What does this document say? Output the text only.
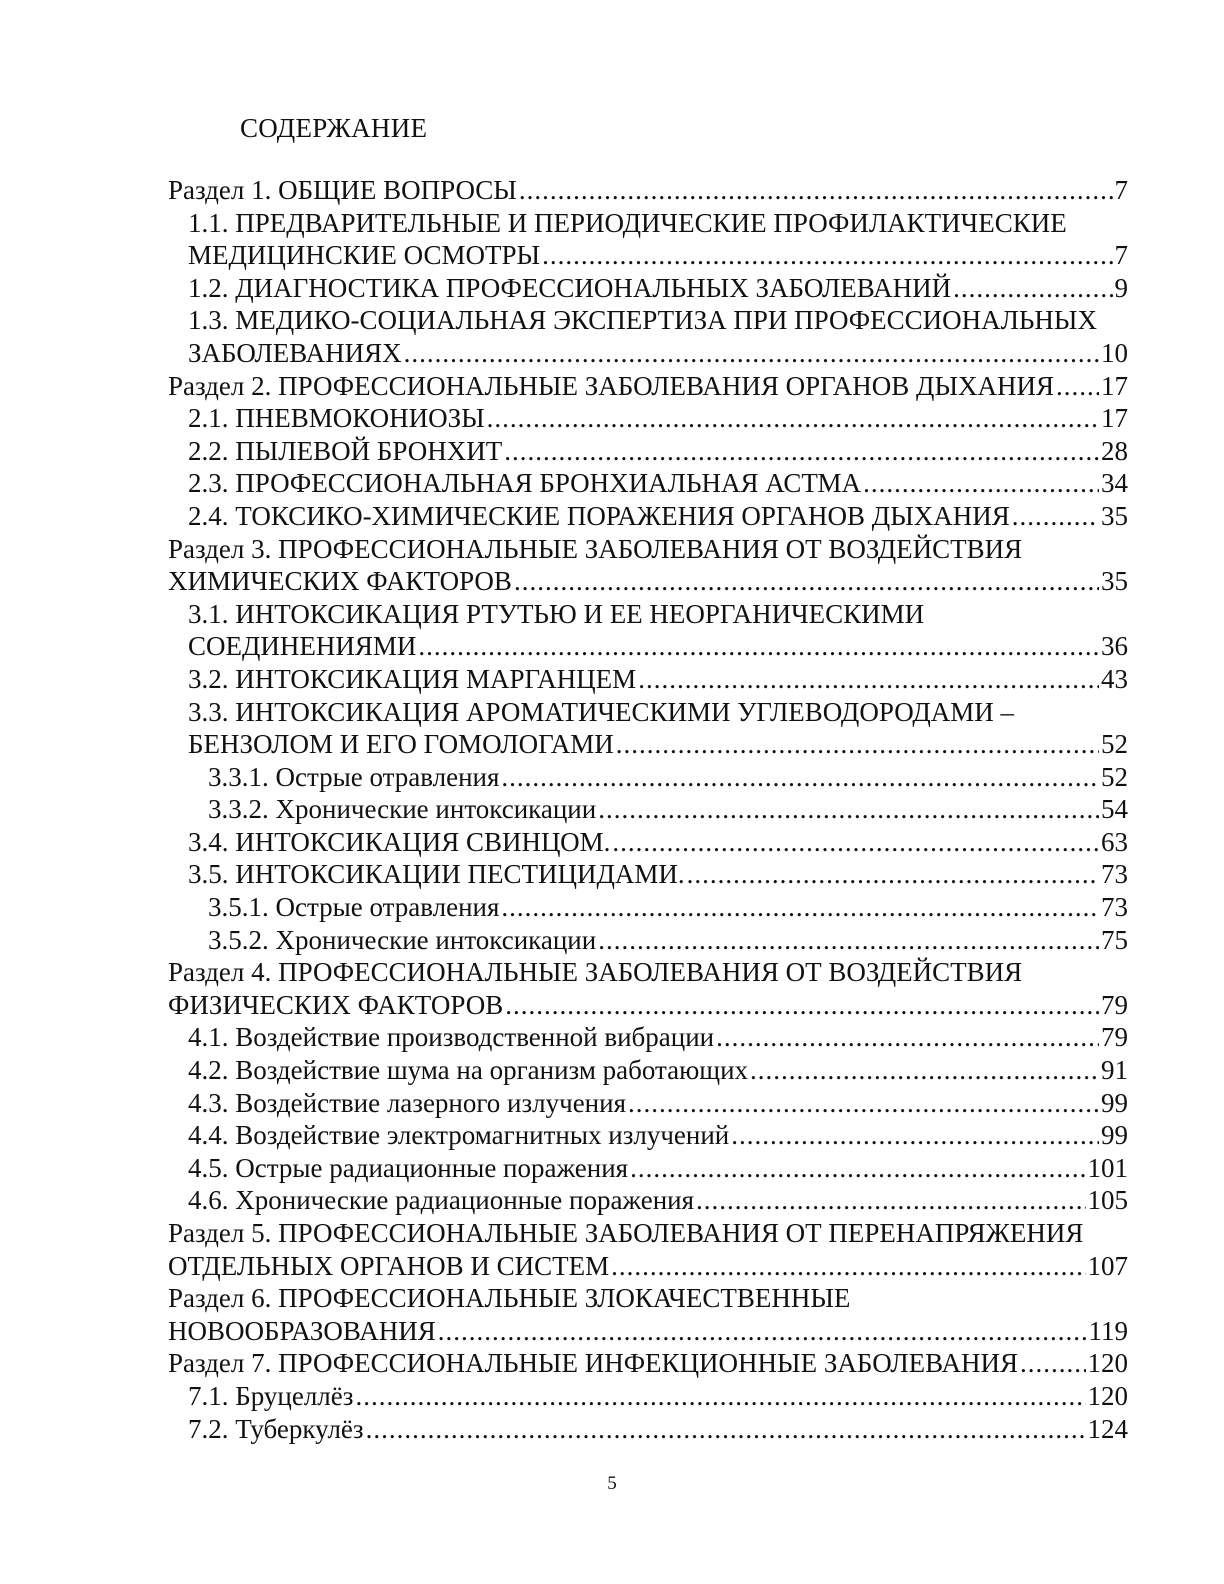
СОДЕРЖАНИЕ
Раздел 1. ОБЩИЕ ВОПРОСЫ .....	7
1.1. ПРЕДВАРИТЕЛЬНЫЕ И ПЕРИОДИЧЕСКИЕ ПРОФИЛАКТИЧЕСКИЕ
МЕДИЦИНСКИЕ ОСМОТРЫ .....	7
1.2. ДИАГНОСТИКА ПРОФЕССИОНАЛЬНЫХ ЗАБОЛЕВАНИЙ .....	9
1.3. МЕДИКО-СОЦИАЛЬНАЯ ЭКСПЕРТИЗА ПРИ ПРОФЕССИОНАЛЬНЫХ
ЗАБОЛЕВАНИЯХ .....	10
Раздел 2. ПРОФЕССИОНАЛЬНЫЕ ЗАБОЛЕВАНИЯ ОРГАНОВ ДЫХАНИЯ ..... 17
2.1. ПНЕВМОКОНИОЗЫ .....	17
2.2. ПЫЛЕВОЙ БРОНХИТ .....	28
2.3. ПРОФЕССИОНАЛЬНАЯ БРОНХИАЛЬНАЯ АСТМА .....	34
2.4. ТОКСИКО-ХИМИЧЕСКИЕ ПОРАЖЕНИЯ ОРГАНОВ ДЫХАНИЯ .....	35
Раздел 3. ПРОФЕССИОНАЛЬНЫЕ ЗАБОЛЕВАНИЯ ОТ ВОЗДЕЙСТВИЯ
ХИМИЧЕСКИХ ФАКТОРОВ .....	35
3.1. ИНТОКСИКАЦИЯ РТУТЬЮ И ЕЕ НЕОРГАНИЧЕСКИМИ
СОЕДИНЕНИЯМИ .....	36
3.2. ИНТОКСИКАЦИЯ МАРГАНЦЕМ .....	43
3.3. ИНТОКСИКАЦИЯ АРОМАТИЧЕСКИМИ УГЛЕВОДОРОДАМИ –
БЕНЗОЛОМ И ЕГО ГОМОЛОГАМИ .....	52
3.3.1. Острые отравления .....	52
3.3.2. Хронические интоксикации .....	54
3.4. ИНТОКСИКАЦИЯ СВИНЦОМ. .....	63
3.5. ИНТОКСИКАЦИИ ПЕСТИЦИДАМИ. .....	73
3.5.1. Острые отравления .....	73
3.5.2. Хронические интоксикации .....	75
Раздел 4. ПРОФЕССИОНАЛЬНЫЕ ЗАБОЛЕВАНИЯ ОТ ВОЗДЕЙСТВИЯ
ФИЗИЧЕСКИХ ФАКТОРОВ .....	79
4.1. Воздействие производственной вибрации .....	79
4.2. Воздействие шума на организм работающих .....	91
4.3. Воздействие лазерного излучения .....	99
4.4. Воздействие электромагнитных излучений .....	99
4.5. Острые радиационные поражения .....	101
4.6. Хронические радиационные поражения .....	105
Раздел 5. ПРОФЕССИОНАЛЬНЫЕ ЗАБОЛЕВАНИЯ ОТ ПЕРЕНАПРЯЖЕНИЯ
ОТДЕЛЬНЫХ ОРГАНОВ И СИСТЕМ .....	107
Раздел 6. ПРОФЕССИОНАЛЬНЫЕ ЗЛОКАЧЕСТВЕННЫЕ
НОВООБРАЗОВАНИЯ .....	119
Раздел 7. ПРОФЕССИОНАЛЬНЫЕ ИНФЕКЦИОННЫЕ ЗАБОЛЕВАНИЯ .....	120
7.1. Бруцеллёз .....	120
7.2. Туберкулёз .....	124
5
